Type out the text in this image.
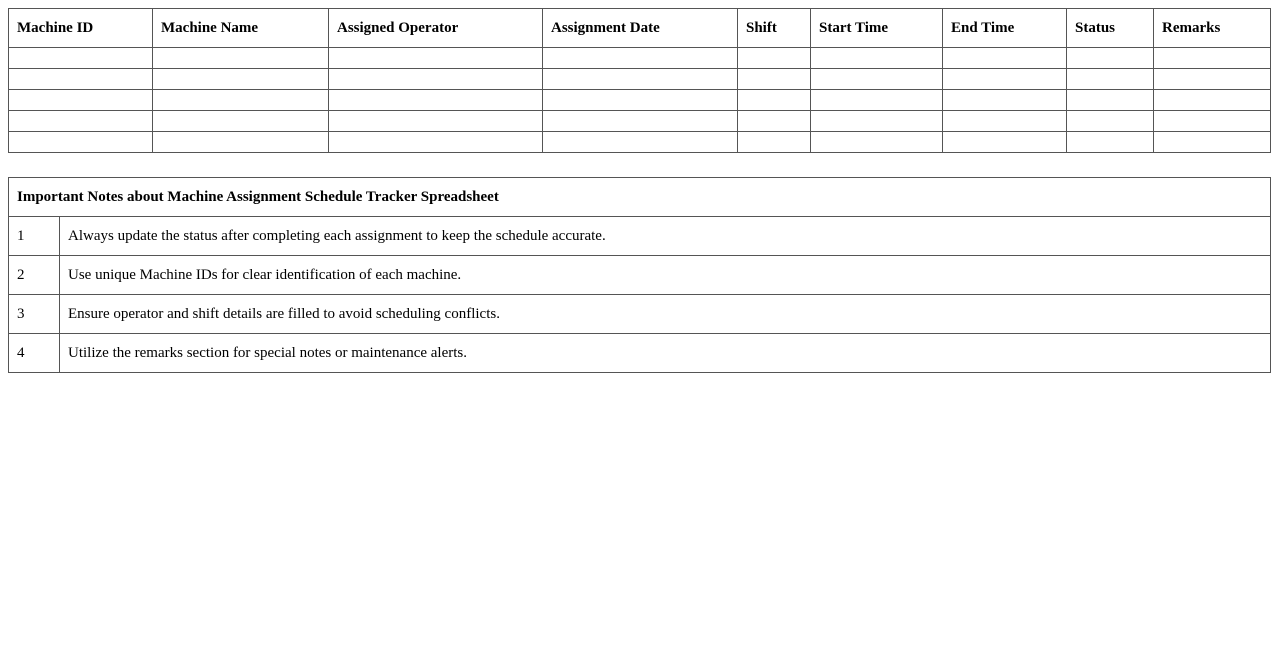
Machine ID	Machine Name	Assigned Operator	Assignment Date	Shift	Start Time	End Time	Status	Remarks

Important Notes about Machine Assignment Schedule Tracker Spreadsheet	
1	Always update the status after completing each assignment to keep the schedule accurate.
2	Use unique Machine IDs for clear identification of each machine.
3	Ensure operator and shift details are filled to avoid scheduling conflicts.
4	Utilize the remarks section for special notes or maintenance alerts.
